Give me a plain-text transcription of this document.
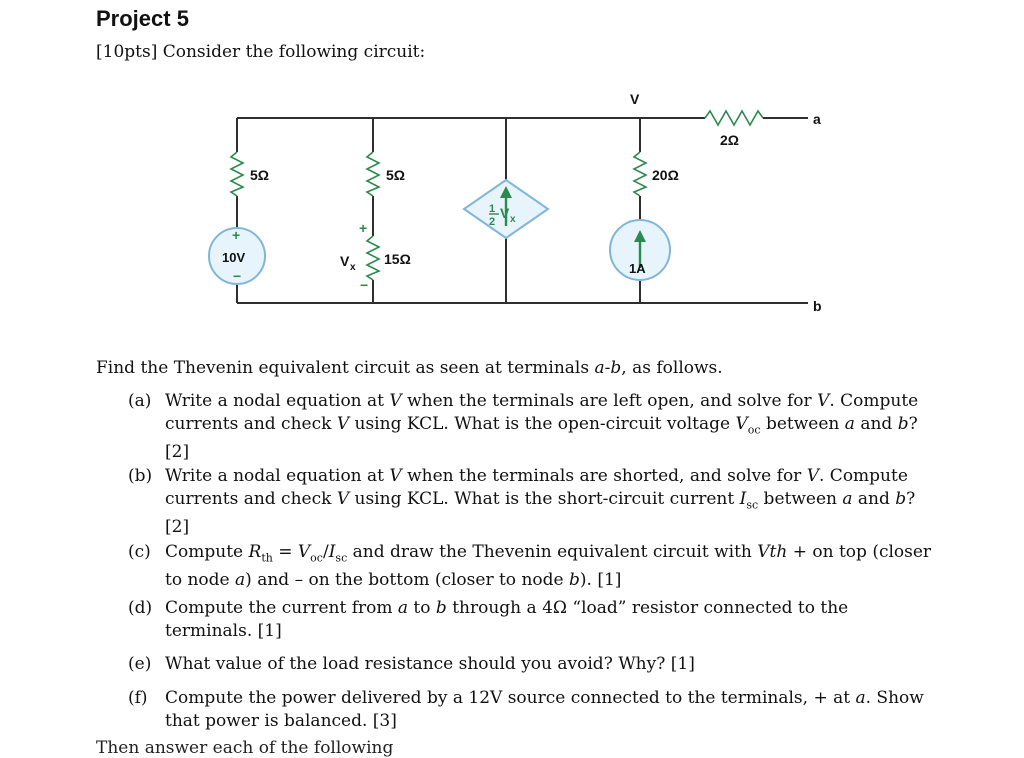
Project 5
[10pts] Consider the following circuit:
V
a
b
2Ω
5Ω	5Ω
15Ω
20Ω
10V
1A
1
2
V x
V x
+
−
+
−
Find the Thevenin equivalent circuit as seen at terminals a-b, as follows.
(a) Write a nodal equation at V when the terminals are left open, and solve for V. Compute currents and check V using KCL. What is the open-circuit voltage $V_{oc}$ between a and b? [2]
(b) Write a nodal equation at V when the terminals are shorted, and solve for V. Compute currents and check V using KCL. What is the short-circuit current $I_{sc}$ between a and b? [2]
(c) Compute $R_{th} = V_{oc}/I_{sc}$ and draw the Thevenin equivalent circuit with Vth + on top (closer to node a) and – on the bottom (closer to node b). [1]
(d) Compute the current from a to b through a 4Ω “load” resistor connected to the terminals. [1]
(e) What value of the load resistance should you avoid? Why? [1]
(f) Compute the power delivered by a 12V source connected to the terminals, + at a. Show that power is balanced. [3]
Then answer each of the following
